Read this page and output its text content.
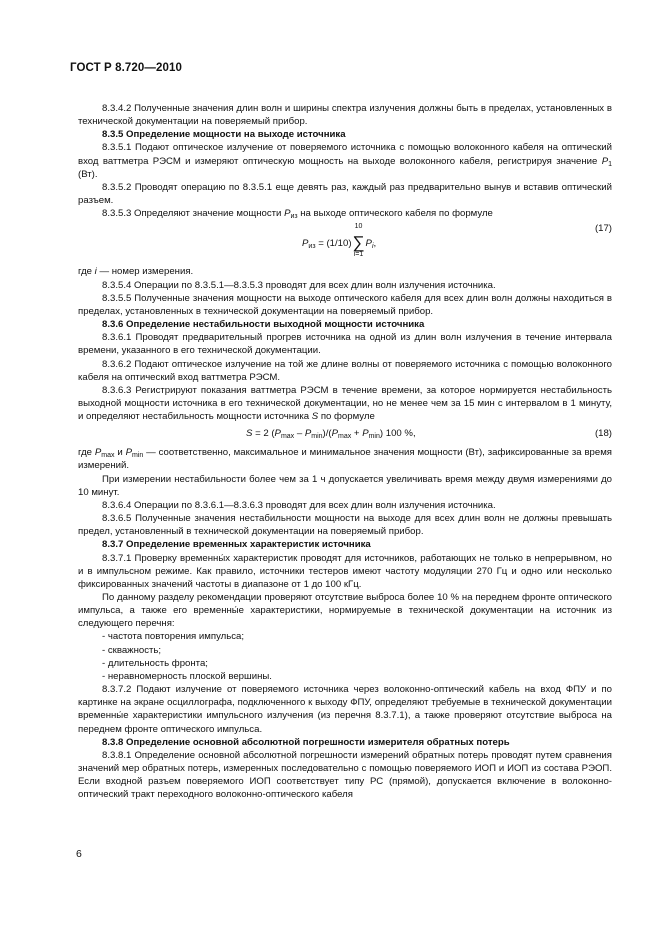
ГОСТ Р 8.720—2010

8.3.4.2 Полученные значения длин волн и ширины спектра излучения должны быть в пределах, установленных в технической документации на поверяемый прибор.

8.3.5 Определение мощности на выходе источника

8.3.5.1 Подают оптическое излучение от поверяемого источника с помощью волоконного кабеля на оптический вход ваттметра РЭСМ и измеряют оптическую мощность на выходе волоконного кабеля, регистрируя значение $P_1$ (Вт).

8.3.5.2 Проводят операцию по 8.3.5.1 еще девять раз, каждый раз предварительно вынув и вставив оптический разъем.

8.3.5.3 Определяют значение мощности $P_{из}$ на выходе оптического кабеля по формуле

$P_{из} = (1/10)$
10
∑
i=1
$P_i$,
(17)

где i — номер измерения.

8.3.5.4 Операции по 8.3.5.1—8.3.5.3 проводят для всех длин волн излучения источника.

8.3.5.5 Полученные значения мощности на выходе оптического кабеля для всех длин волн должны находиться в пределах, установленных в технической документации на поверяемый прибор.

8.3.6 Определение нестабильности выходной мощности источника

8.3.6.1 Проводят предварительный прогрев источника на одной из длин волн излучения в течение интервала времени, указанного в его технической документации.

8.3.6.2 Подают оптическое излучение на той же длине волны от поверяемого источника с помощью волоконного кабеля на оптический вход ваттметра РЭСМ.

8.3.6.3 Регистрируют показания ваттметра РЭСМ в течение времени, за которое нормируется нестабильность выходной мощности источника в его технической документации, но не менее чем за 15 мин с интервалом в 1 минуту, и определяют нестабильность мощности источника S по формуле

S = 2 $(P_{max} - P_{min})/(P_{max} + P_{min})$ 100 %,	(18)

где $P_{max}$ и $P_{min}$ — соответственно, максимальное и минимальное значения мощности (Вт), зафиксированные за время измерений.

При измерении нестабильности более чем за 1 ч допускается увеличивать время между двумя измерениями до 10 минут.

8.3.6.4 Операции по 8.3.6.1—8.3.6.3 проводят для всех длин волн излучения источника.

8.3.6.5 Полученные значения нестабильности мощности на выходе для всех длин волн не должны превышать предел, установленный в технической документации на поверяемый прибор.

8.3.7 Определение временных характеристик источника

8.3.7.1 Проверку временны́х характеристик проводят для источников, работающих не только в непрерывном, но и в импульсном режиме. Как правило, источники тестеров имеют частоту модуляции 270 Гц и одно или несколько фиксированных значений частоты в диапазоне от 1 до 100 кГц.

По данному разделу рекомендации проверяют отсутствие выброса более 10 % на переднем фронте оптического импульса, а также его временны́е характеристики, нормируемые в технической документации на источник из следующего перечня:

- частота повторения импульса;

- скважность;

- длительность фронта;

- неравномерность плоской вершины.

8.3.7.2 Подают излучение от поверяемого источника через волоконно-оптический кабель на вход ФПУ и по картинке на экране осциллографа, подключенного к выходу ФПУ, определяют требуемые в технической документации временны́е характеристики импульсного излучения (из перечня 8.3.7.1), а также проверяют отсутствие выброса на переднем фронте оптического импульса.

8.3.8 Определение основной абсолютной погрешности измерителя обратных потерь

8.3.8.1 Определение основной абсолютной погрешности измерений обратных потерь проводят путем сравнения значений мер обратных потерь, измеренных последовательно с помощью поверяемого ИОП и ИОП из состава РЭОП. Если входной разъем поверяемого ИОП соответствует типу РС (прямой), допускается включение в волоконно-оптический тракт переходного волоконно-оптического кабеля

6
